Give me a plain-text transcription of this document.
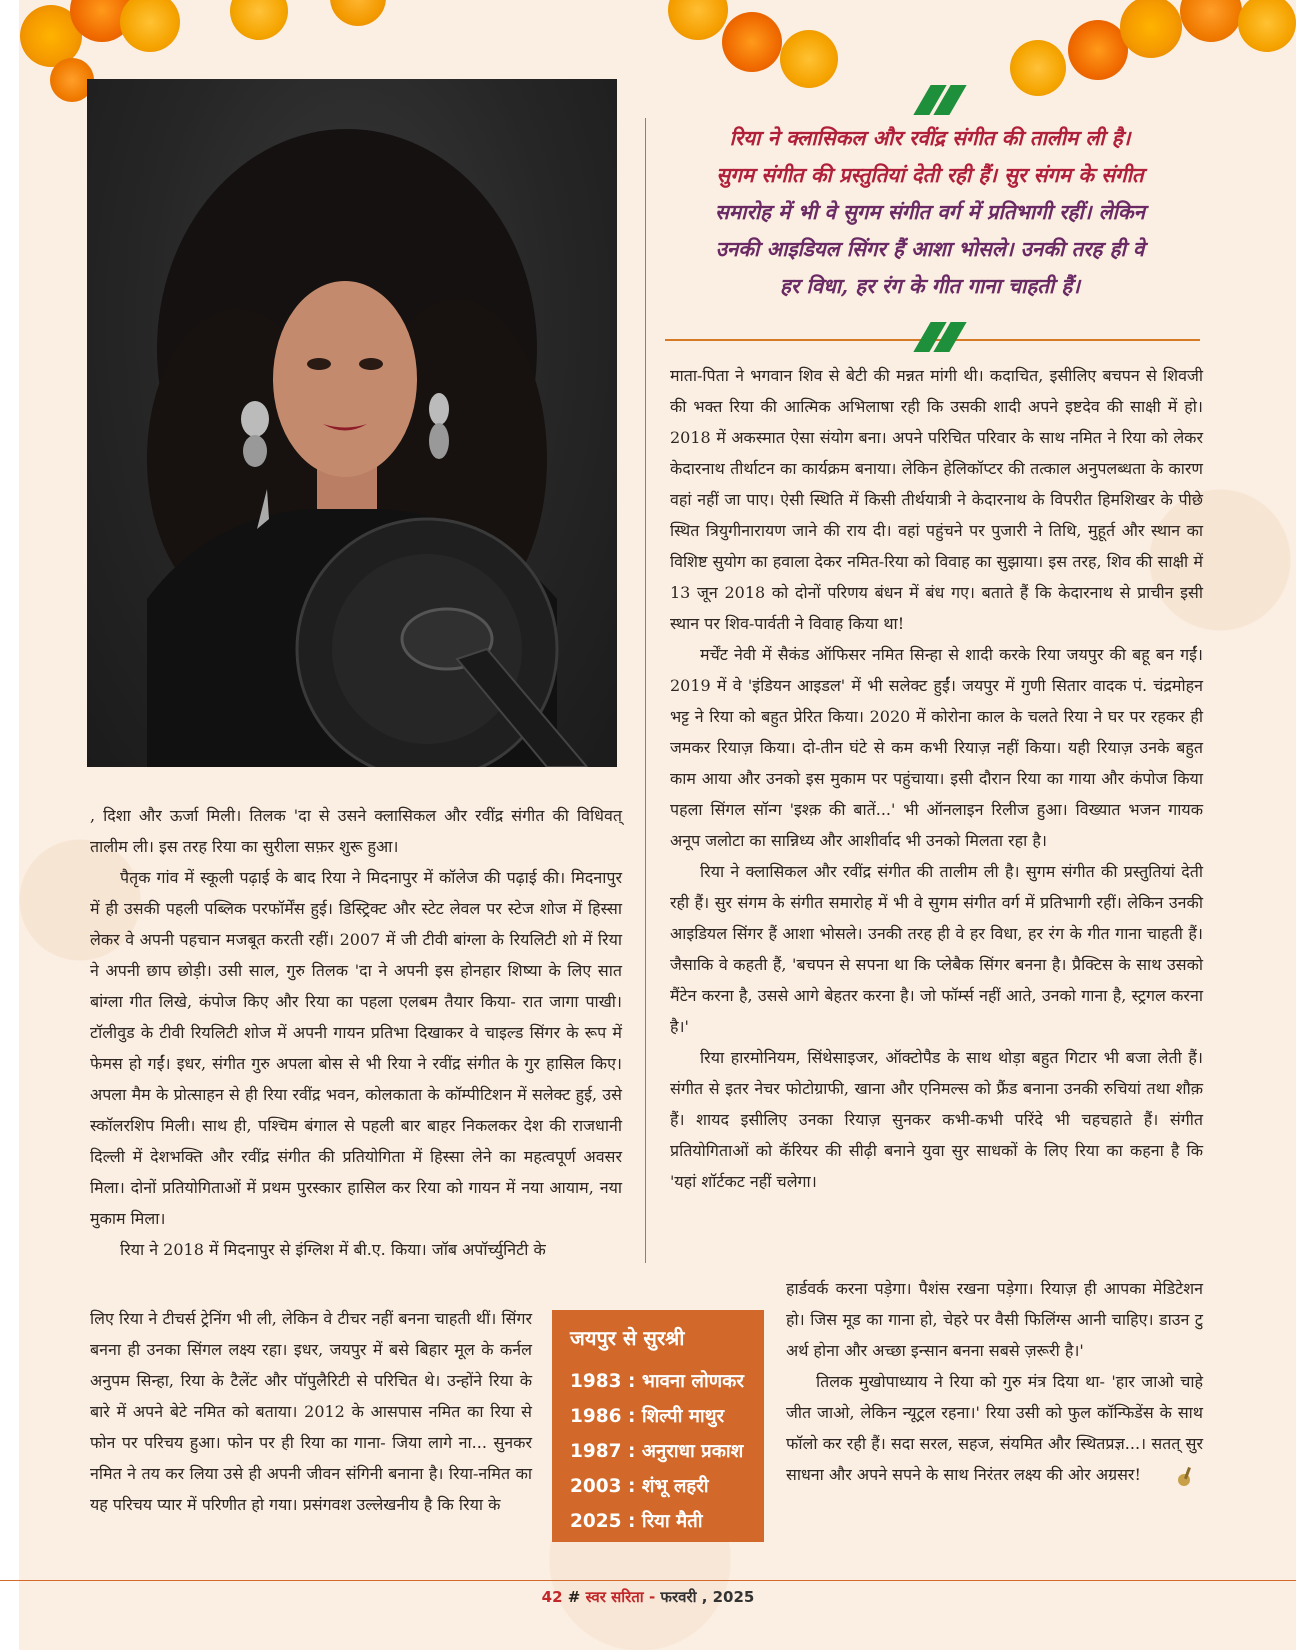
रिया ने क्लासिकल और रवींद्र संगीत की तालीम ली है।
सुगम संगीत की प्रस्तुतियां देती रही हैं। सुर संगम के संगीत
समारोह में भी वे सुगम संगीत वर्ग में प्रतिभागी रहीं। लेकिन
उनकी आइडियल सिंगर हैं आशा भोसले। उनकी तरह ही वे
हर विधा, हर रंग के गीत गाना चाहती हैं।

, दिशा और ऊर्जा मिली। तिलक 'दा से उसने क्लासिकल और रवींद्र संगीत की विधिवत् तालीम ली। इस तरह रिया का सुरीला सफ़र शुरू हुआ।

पैतृक गांव में स्कूली पढ़ाई के बाद रिया ने मिदनापुर में कॉलेज की पढ़ाई की। मिदनापुर में ही उसकी पहली पब्लिक परफॉर्मेंस हुई। डिस्ट्रिक्ट और स्टेट लेवल पर स्टेज शोज में हिस्सा लेकर वे अपनी पहचान मजबूत करती रहीं। 2007 में जी टीवी बांग्ला के रियलिटी शो में रिया ने अपनी छाप छोड़ी। उसी साल, गुरु तिलक 'दा ने अपनी इस होनहार शिष्या के लिए सात बांग्ला गीत लिखे, कंपोज किए और रिया का पहला एलबम तैयार किया- रात जागा पाखी। टॉलीवुड के टीवी रियलिटी शोज में अपनी गायन प्रतिभा दिखाकर वे चाइल्ड सिंगर के रूप में फेमस हो गईं। इधर, संगीत गुरु अपला बोस से भी रिया ने रवींद्र संगीत के गुर हासिल किए। अपला मैम के प्रोत्साहन से ही रिया रवींद्र भवन, कोलकाता के कॉम्पीटिशन में सलेक्ट हुई, उसे स्कॉलरशिप मिली। साथ ही, पश्चिम बंगाल से पहली बार बाहर निकलकर देश की राजधानी दिल्ली में देशभक्ति और रवींद्र संगीत की प्रतियोगिता में हिस्सा लेने का महत्वपूर्ण अवसर मिला। दोनों प्रतियोगिताओं में प्रथम पुरस्कार हासिल कर रिया को गायन में नया आयाम, नया मुकाम मिला।

रिया ने 2018 में मिदनापुर से इंग्लिश में बी.ए. किया। जॉब अपॉर्च्युनिटी के

लिए रिया ने टीचर्स ट्रेनिंग भी ली, लेकिन वे टीचर नहीं बनना चाहती थीं। सिंगर बनना ही उनका सिंगल लक्ष्य रहा। इधर, जयपुर में बसे बिहार मूल के कर्नल अनुपम सिन्हा, रिया के टैलेंट और पॉपुलैरिटी से परिचित थे। उन्होंने रिया के बारे में अपने बेटे नमित को बताया। 2012 के आसपास नमित का रिया से फोन पर परिचय हुआ। फोन पर ही रिया का गाना- जिया लागे ना... सुनकर नमित ने तय कर लिया उसे ही अपनी जीवन संगिनी बनाना है। रिया-नमित का यह परिचय प्यार में परिणीत हो गया। प्रसंगवश उल्लेखनीय है कि रिया के

माता-पिता ने भगवान शिव से बेटी की मन्नत मांगी थी। कदाचित, इसीलिए बचपन से शिवजी की भक्त रिया की आत्मिक अभिलाषा रही कि उसकी शादी अपने इष्टदेव की साक्षी में हो। 2018 में अकस्मात ऐसा संयोग बना। अपने परिचित परिवार के साथ नमित ने रिया को लेकर केदारनाथ तीर्थाटन का कार्यक्रम बनाया। लेकिन हेलिकॉप्टर की तत्काल अनुपलब्धता के कारण वहां नहीं जा पाए। ऐसी स्थिति में किसी तीर्थयात्री ने केदारनाथ के विपरीत हिमशिखर के पीछे स्थित त्रियुगीनारायण जाने की राय दी। वहां पहुंचने पर पुजारी ने तिथि, मुहूर्त और स्थान का विशिष्ट सुयोग का हवाला देकर नमित-रिया को विवाह का सुझाया। इस तरह, शिव की साक्षी में 13 जून 2018 को दोनों परिणय बंधन में बंध गए। बताते हैं कि केदारनाथ से प्राचीन इसी स्थान पर शिव-पार्वती ने विवाह किया था!

मर्चेंट नेवी में सैकंड ऑफिसर नमित सिन्हा से शादी करके रिया जयपुर की बहू बन गईं। 2019 में वे 'इंडियन आइडल' में भी सलेक्ट हुईं। जयपुर में गुणी सितार वादक पं. चंद्रमोहन भट्ट ने रिया को बहुत प्रेरित किया। 2020 में कोरोना काल के चलते रिया ने घर पर रहकर ही जमकर रियाज़ किया। दो-तीन घंटे से कम कभी रियाज़ नहीं किया। यही रियाज़ उनके बहुत काम आया और उनको इस मुकाम पर पहुंचाया। इसी दौरान रिया का गाया और कंपोज किया पहला सिंगल सॉन्ग 'इश्क़ की बातें...' भी ऑनलाइन रिलीज हुआ। विख्यात भजन गायक अनूप जलोटा का सान्निध्य और आशीर्वाद भी उनको मिलता रहा है।

रिया ने क्लासिकल और रवींद्र संगीत की तालीम ली है। सुगम संगीत की प्रस्तुतियां देती रही हैं। सुर संगम के संगीत समारोह में भी वे सुगम संगीत वर्ग में प्रतिभागी रहीं। लेकिन उनकी आइडियल सिंगर हैं आशा भोसले। उनकी तरह ही वे हर विधा, हर रंग के गीत गाना चाहती हैं। जैसाकि वे कहती हैं, 'बचपन से सपना था कि प्लेबैक सिंगर बनना है। प्रैक्टिस के साथ उसको मैंटेन करना है, उससे आगे बेहतर करना है। जो फॉर्म्स नहीं आते, उनको गाना है, स्ट्रगल करना है।'

रिया हारमोनियम, सिंथेसाइजर, ऑक्टोपैड के साथ थोड़ा बहुत गिटार भी बजा लेती हैं। संगीत से इतर नेचर फोटोग्राफी, खाना और एनिमल्स को फ्रैंड बनाना उनकी रुचियां तथा शौक़ हैं। शायद इसीलिए उनका रियाज़ सुनकर कभी-कभी परिंदे भी चहचहाते हैं। संगीत प्रतियोगिताओं को कॅरियर की सीढ़ी बनाने युवा सुर साधकों के लिए रिया का कहना है कि 'यहां शॉर्टकट नहीं चलेगा।

हार्डवर्क करना पड़ेगा। पैशंस रखना पड़ेगा। रियाज़ ही आपका मेडिटेशन हो। जिस मूड का गाना हो, चेहरे पर वैसी फिलिंग्स आनी चाहिए। डाउन टु अर्थ होना और अच्छा इन्सान बनना सबसे ज़रूरी है।'

तिलक मुखोपाध्याय ने रिया को गुरु मंत्र दिया था- 'हार जाओ चाहे जीत जाओ, लेकिन न्यूट्रल रहना।' रिया उसी को फुल कॉन्फिडेंस के साथ फॉलो कर रही हैं। सदा सरल, सहज, संयमित और स्थितप्रज्ञ...। सतत् सुर साधना और अपने सपने के साथ निरंतर लक्ष्य की ओर अग्रसर!

जयपुर से सुरश्री
1983 : भावना लोणकर
1986 : शिल्पी माथुर
1987 : अनुराधा प्रकाश
2003 : शंभू लहरी
2025 : रिया मैती
42 # स्वर सरिता - फरवरी , 2025
